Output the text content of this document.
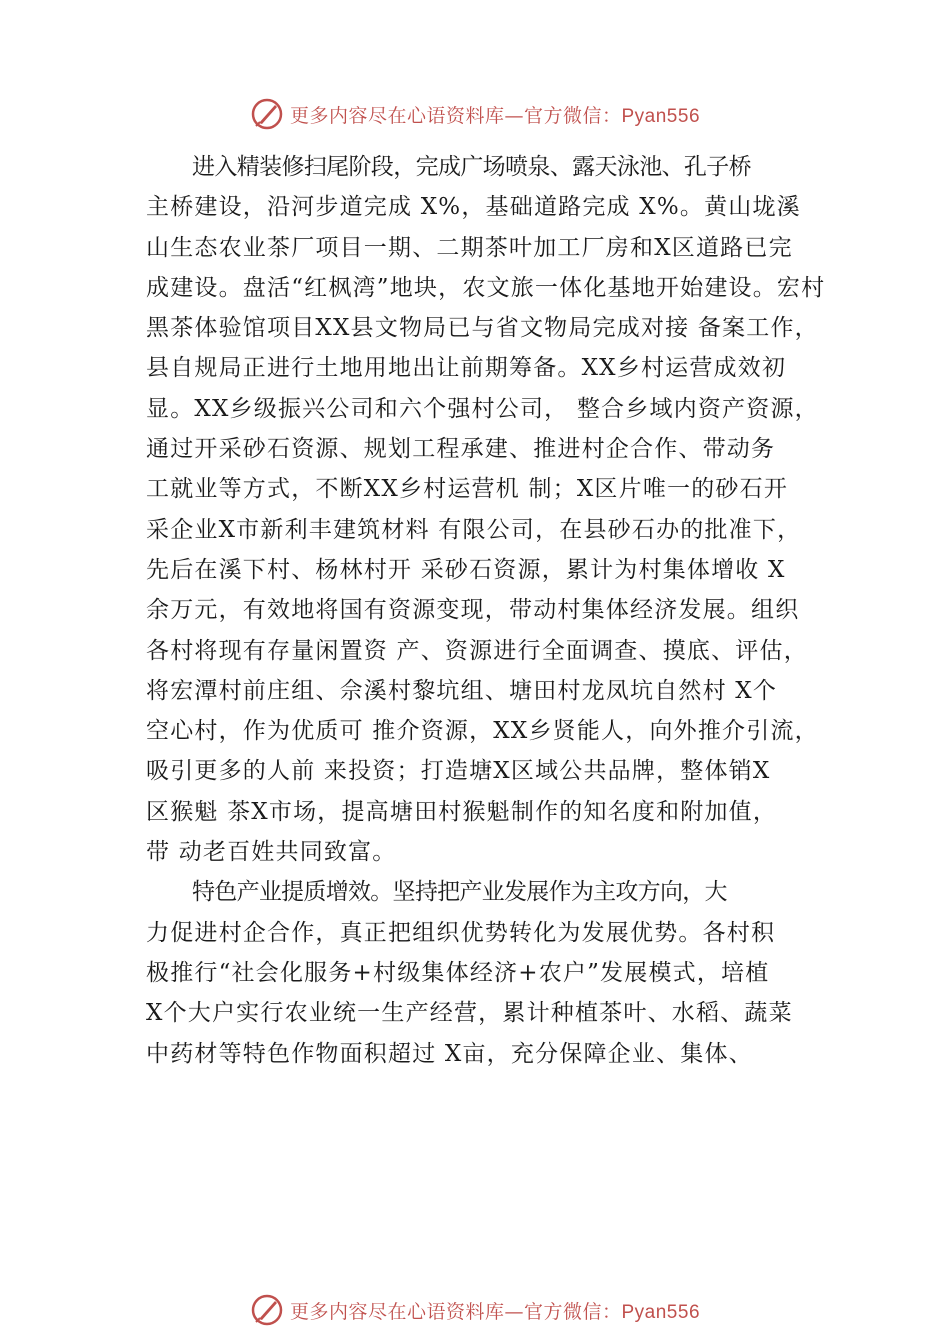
更多内容尽在心语资料库—官方微信：Pyan556
进入精装修扫尾阶段，完成广场喷泉、露天泳池、孔子桥
主桥建设，沿河步道完成 X%，基础道路完成 X%。黄山垅溪
山生态农业茶厂项目一期、二期茶叶加工厂房和X区道路已完
成建设。盘活“红枫湾”地块，农文旅一体化基地开始建设。宏村
黑茶体验馆项目XX县文物局已与省文物局完成对接 备案工作，
县自规局正进行土地用地出让前期筹备。XX乡村运营成效初
显。XX乡级振兴公司和六个强村公司， 整合乡域内资产资源，
通过开采砂石资源、规划工程承建、推进村企合作、带动务
工就业等方式，不断XX乡村运营机 制；X区片唯一的砂石开
采企业X市新利丰建筑材料 有限公司，在县砂石办的批准下，
先后在溪下村、杨林村开 采砂石资源，累计为村集体增收 X
余万元，有效地将国有资源变现，带动村集体经济发展。组织
各村将现有存量闲置资 产、资源进行全面调查、摸底、评估，
将宏潭村前庄组、佘溪村黎坑组、塘田村龙凤坑自然村 X个
空心村，作为优质可 推介资源，XX乡贤能人，向外推介引流，
吸引更多的人前 来投资；打造塘X区域公共品牌，整体销X
区猴魁 茶X市场，提高塘田村猴魁制作的知名度和附加值，
带 动老百姓共同致富。
特色产业提质增效。坚持把产业发展作为主攻方向，大
力促进村企合作，真正把组织优势转化为发展优势。各村积
极推行“社会化服务+村级集体经济+农户”发展模式，培植
X个大户实行农业统一生产经营，累计种植茶叶、水稻、蔬菜
中药材等特色作物面积超过 X亩，充分保障企业、集体、
更多内容尽在心语资料库—官方微信：Pyan556
